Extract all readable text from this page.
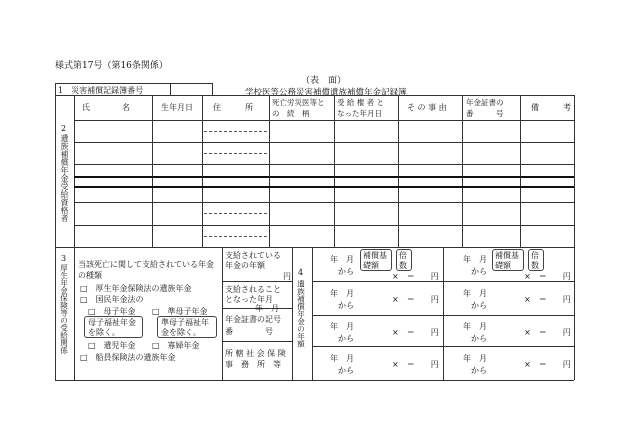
様式第17号（第16条関係）
（表　面）
学校医等公務災害補償遺族補償年金記録簿
1　災害補償記録簿番号
氏　　　　名	生年月日	住　　　所
死亡労災医等と
の　続　柄
受 給 権 者 と
なった年月日
そ の 事 由
年金証書の
番　　　号
備　　　考
2
遺族補償年金受給資格者
3
厚生年金保険等の受給関係 当該死亡に関して支給されている年金
の種類
□　厚生年金保険法の遺族年金
□　国民年金法の
□　母子年金 □　準母子年金
母子福祉年金
を除く。
準母子福祉年
金を除く。
□　遺児年金 □　寡婦年金
□　船員保険法の遺族年金
支給されている
年金の年額
円
支給されること
となった年月
年　月
年金証書の記号
番　　　　号
所 轄 社 会 保 険
事　務　所　等
4
遺族補償年金の年額
年　月
から
補償基
礎額
倍
数
×　＝　　円
年　月
から
補償基
礎額
倍
数
×　＝　　円
年　月
から
×　＝　　円
年　月
から
×　＝　　円
年　月
から
×　＝　　円
年　月
から
×　＝　　円
年　月
から
×　＝　　円
年　月
から
×　＝　　円
